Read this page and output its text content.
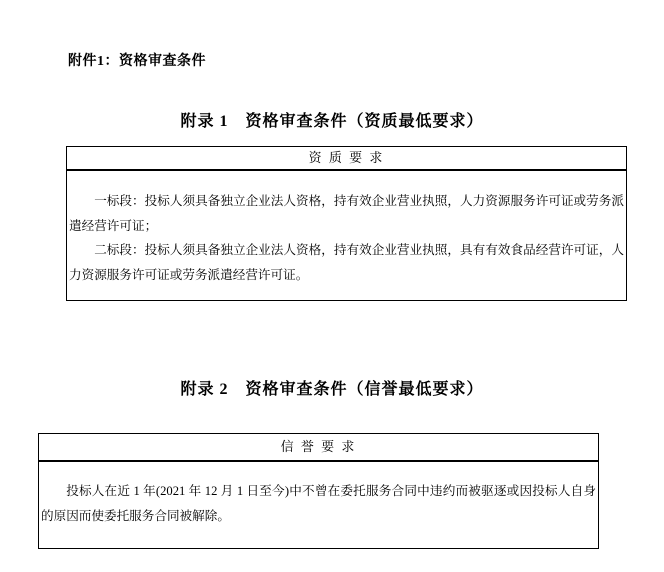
附件1：资格审查条件
附录 1　资格审查条件（资质最低要求）
资 质 要 求

一标段：投标人须具备独立企业法人资格，持有效企业营业执照，人力资源服务许可证或劳务派遣经营许可证；

二标段：投标人须具备独立企业法人资格，持有效企业营业执照，具有有效食品经营许可证，人力资源服务许可证或劳务派遣经营许可证。

附录 2　资格审查条件（信誉最低要求）
信 誉 要 求

投标人在近 1 年(2021 年 12 月 1 日至今)中不曾在委托服务合同中违约而被驱逐或因投标人自身的原因而使委托服务合同被解除。
